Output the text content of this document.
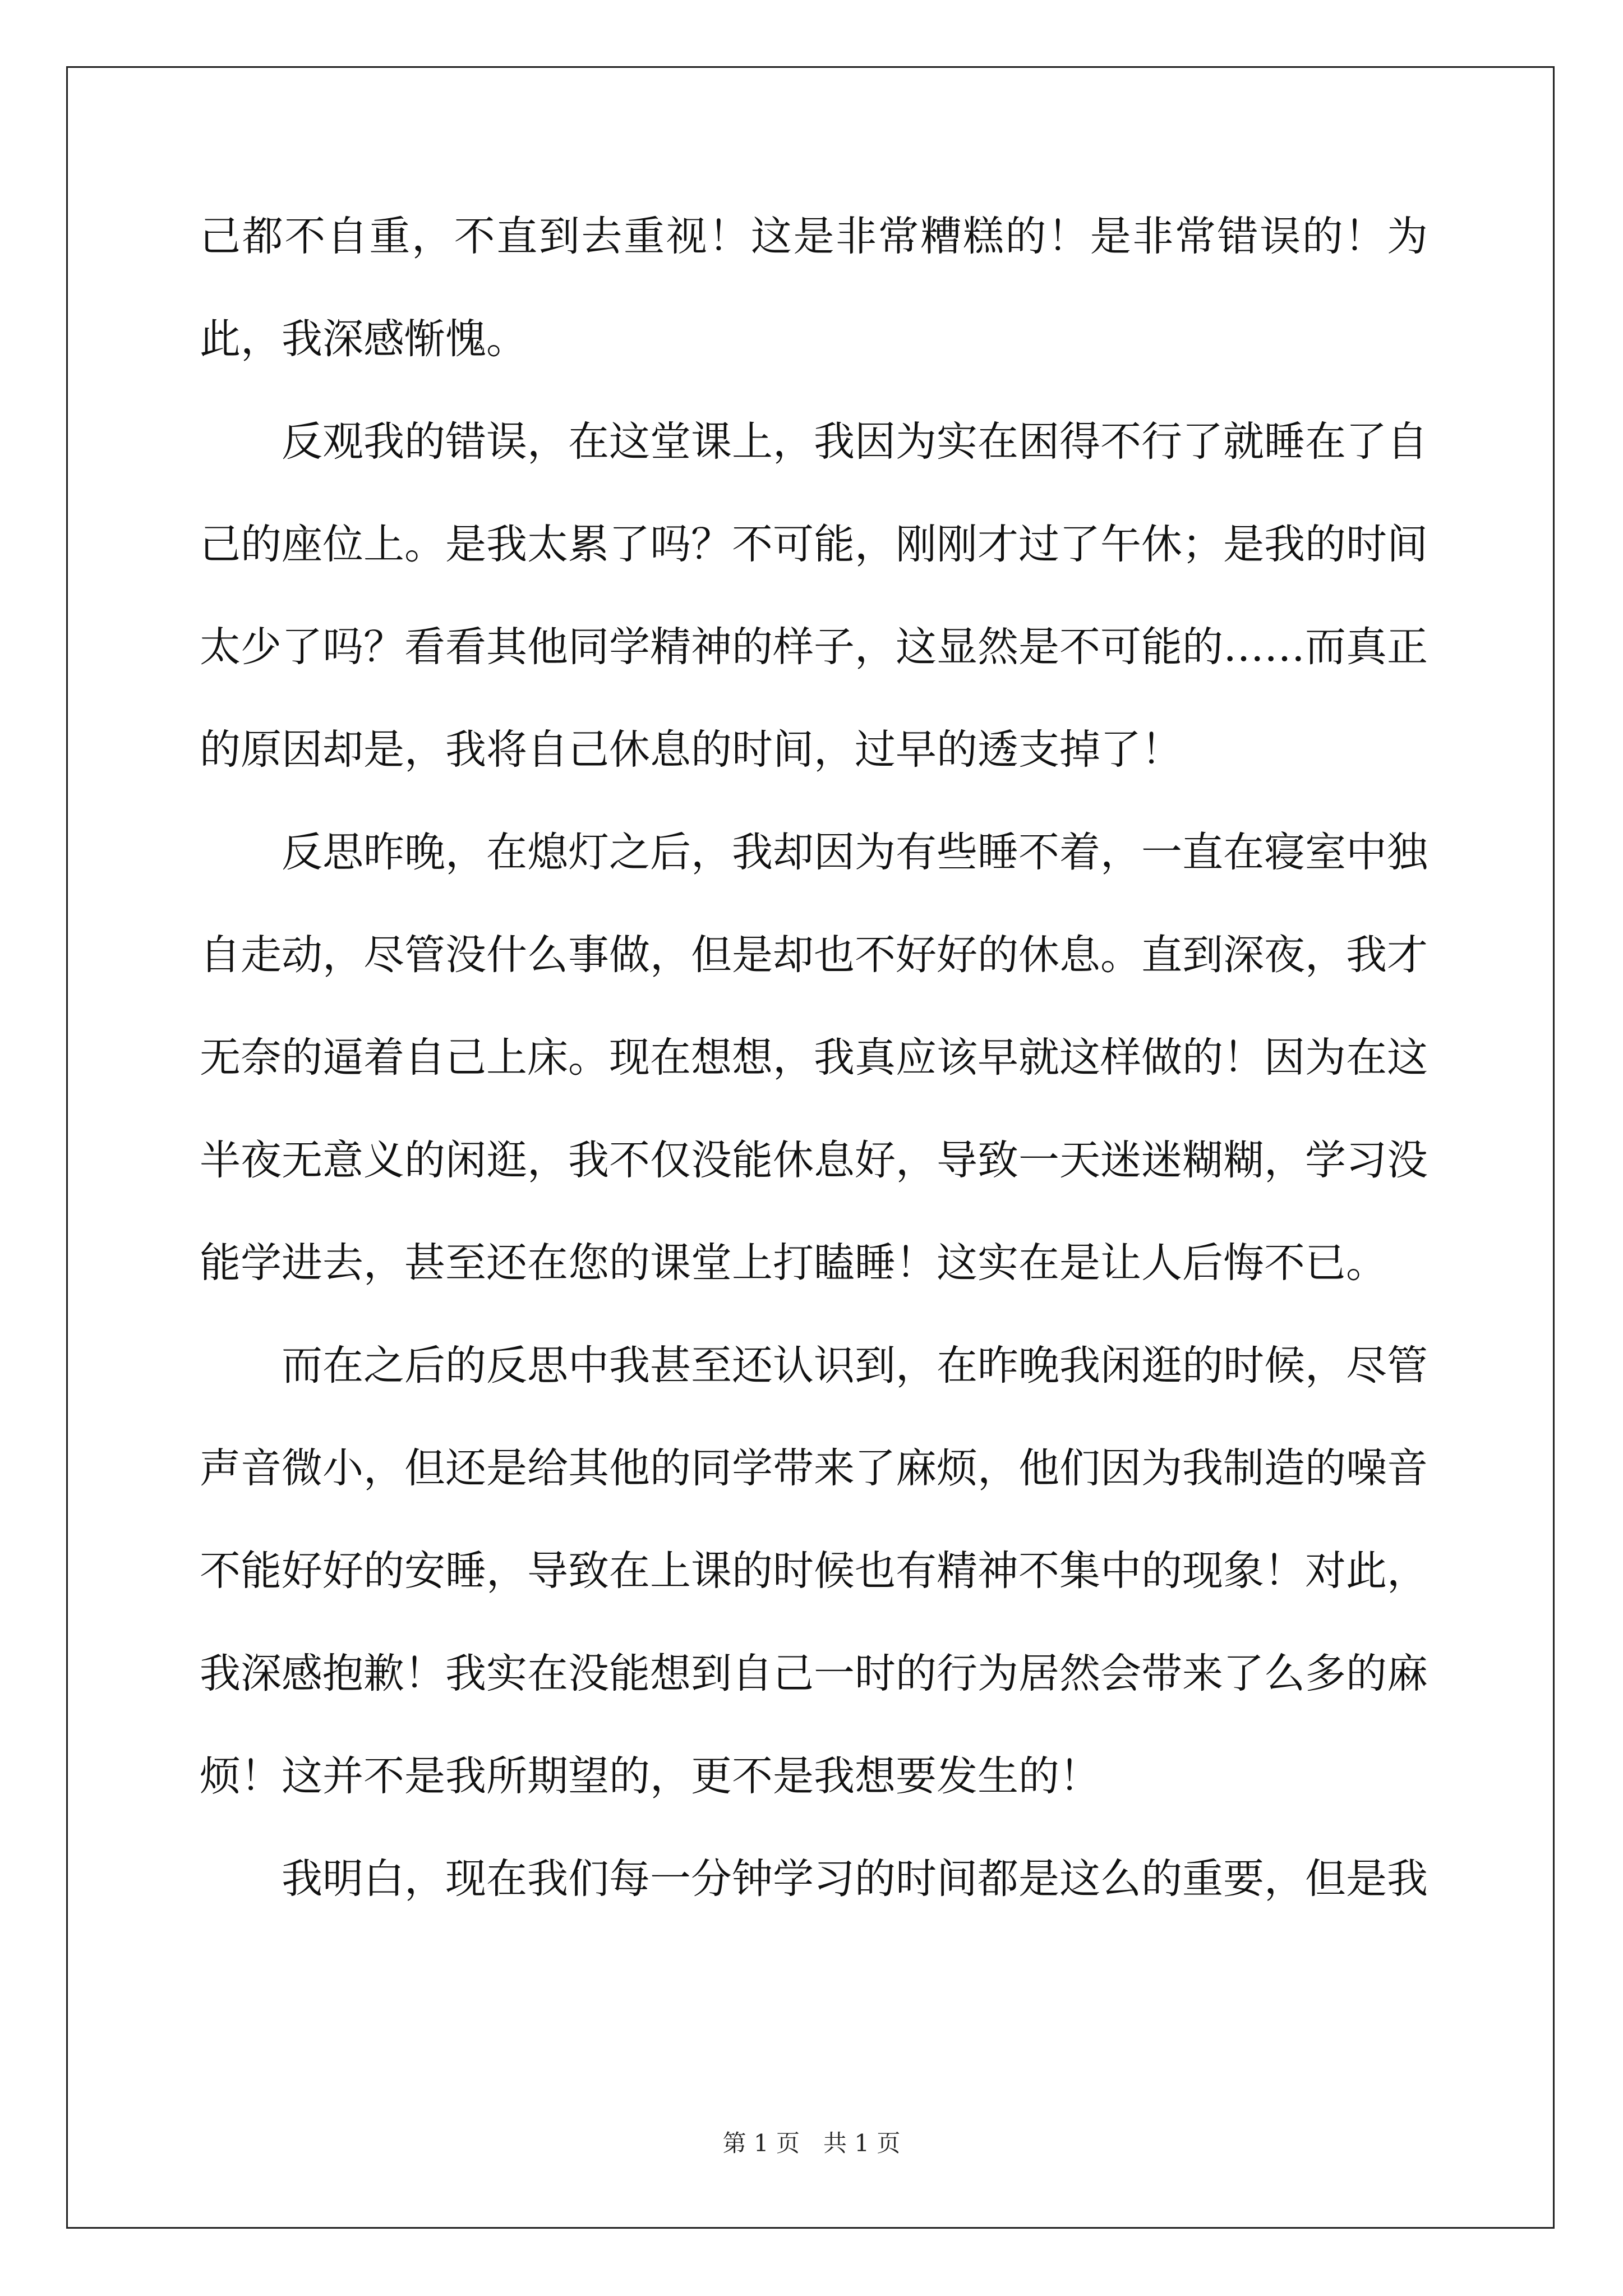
己都不自重，不直到去重视！这是非常糟糕的！是非常错误的！为此，我深感惭愧。

反观我的错误，在这堂课上，我因为实在困得不行了就睡在了自己的座位上。是我太累了吗？不可能，刚刚才过了午休；是我的时间太少了吗？看看其他同学精神的样子，这显然是不可能的……而真正的原因却是，我将自己休息的时间，过早的透支掉了！

反思昨晚，在熄灯之后，我却因为有些睡不着，一直在寝室中独自走动，尽管没什么事做，但是却也不好好的休息。直到深夜，我才无奈的逼着自己上床。现在想想，我真应该早就这样做的！因为在这半夜无意义的闲逛，我不仅没能休息好，导致一天迷迷糊糊，学习没能学进去，甚至还在您的课堂上打瞌睡！这实在是让人后悔不已。

而在之后的反思中我甚至还认识到，在昨晚我闲逛的时候，尽管声音微小，但还是给其他的同学带来了麻烦，他们因为我制造的噪音不能好好的安睡，导致在上课的时候也有精神不集中的现象！对此，我深感抱歉！我实在没能想到自己一时的行为居然会带来了么多的麻烦！这并不是我所期望的，更不是我想要发生的！

我明白，现在我们每一分钟学习的时间都是这么的重要，但是我

第 1 页　共 1 页
